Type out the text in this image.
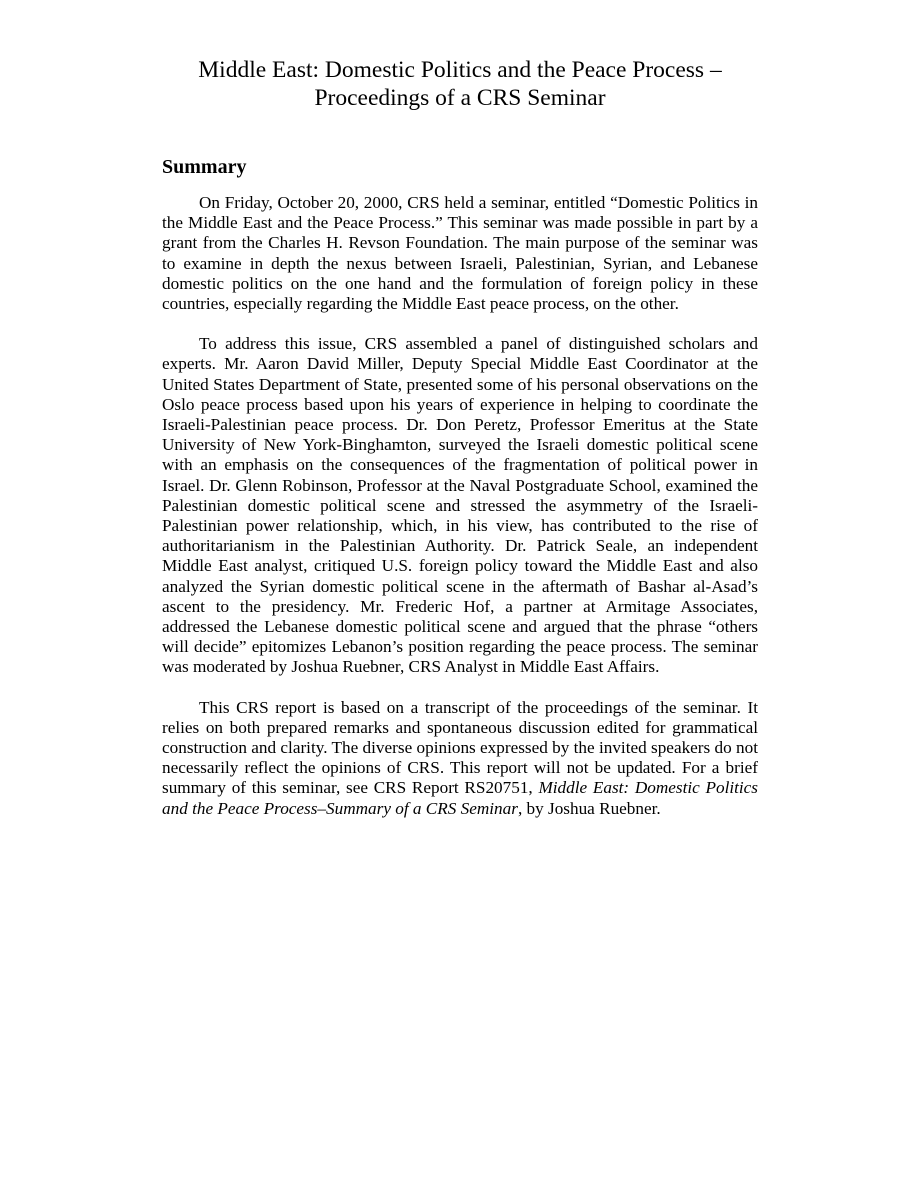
Middle East: Domestic Politics and the Peace Process –
Proceedings of a CRS Seminar
Summary

On Friday, October 20, 2000, CRS held a seminar, entitled “Domestic Politics in the Middle East and the Peace Process.” This seminar was made possible in part by a grant from the Charles H. Revson Foundation. The main purpose of the seminar was to examine in depth the nexus between Israeli, Palestinian, Syrian, and Lebanese domestic politics on the one hand and the formulation of foreign policy in these countries, especially regarding the Middle East peace process, on the other.

To address this issue, CRS assembled a panel of distinguished scholars and experts. Mr. Aaron David Miller, Deputy Special Middle East Coordinator at the United States Department of State, presented some of his personal observations on the Oslo peace process based upon his years of experience in helping to coordinate the Israeli-Palestinian peace process. Dr. Don Peretz, Professor Emeritus at the State University of New York-Binghamton, surveyed the Israeli domestic political scene with an emphasis on the consequences of the fragmentation of political power in Israel. Dr. Glenn Robinson, Professor at the Naval Postgraduate School, examined the Palestinian domestic political scene and stressed the asymmetry of the Israeli-Palestinian power relationship, which, in his view, has contributed to the rise of authoritarianism in the Palestinian Authority. Dr. Patrick Seale, an independent Middle East analyst, critiqued U.S. foreign policy toward the Middle East and also analyzed the Syrian domestic political scene in the aftermath of Bashar al-Asad’s ascent to the presidency. Mr. Frederic Hof, a partner at Armitage Associates, addressed the Lebanese domestic political scene and argued that the phrase “others will decide” epitomizes Lebanon’s position regarding the peace process. The seminar was moderated by Joshua Ruebner, CRS Analyst in Middle East Affairs.

This CRS report is based on a transcript of the proceedings of the seminar. It relies on both prepared remarks and spontaneous discussion edited for grammatical construction and clarity. The diverse opinions expressed by the invited speakers do not necessarily reflect the opinions of CRS. This report will not be updated. For a brief summary of this seminar, see CRS Report RS20751, Middle East: Domestic Politics and the Peace Process–Summary of a CRS Seminar, by Joshua Ruebner.
